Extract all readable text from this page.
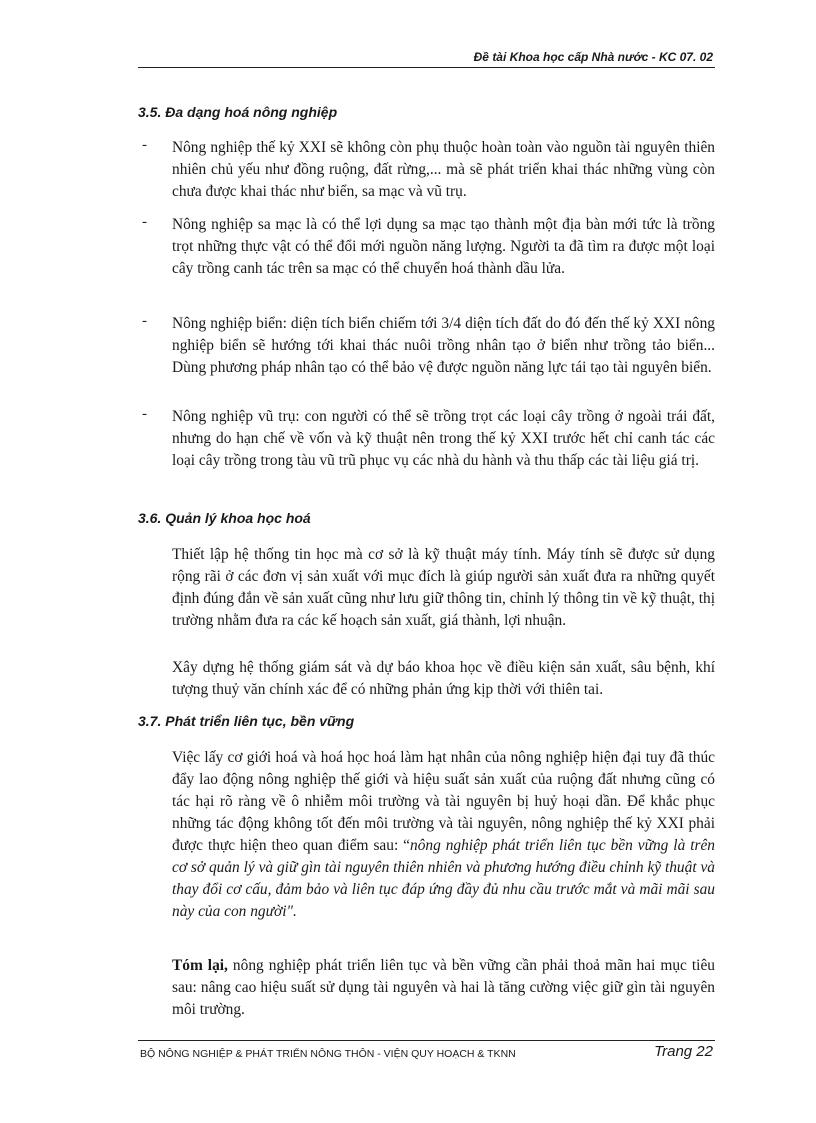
Đề tài Khoa học cấp Nhà nước - KC 07. 02
3.5. Đa dạng hoá nông nghiệp
- Nông nghiệp thế kỷ XXI sẽ không còn phụ thuộc hoàn toàn vào nguồn tài nguyên thiên nhiên chủ yếu như đồng ruộng, đất rừng,... mà sẽ phát triển khai thác những vùng còn chưa được khai thác như biển, sa mạc và vũ trụ.
- Nông nghiệp sa mạc là có thể lợi dụng sa mạc tạo thành một địa bàn mới tức là trồng trọt những thực vật có thể đổi mới nguồn năng lượng. Người ta đã tìm ra được một loại cây trồng canh tác trên sa mạc có thể chuyển hoá thành dầu lửa.
- Nông nghiệp biển: diện tích biển chiếm tới 3/4 diện tích đất do đó đến thế kỷ XXI nông nghiệp biển sẽ hướng tới khai thác nuôi trồng nhân tạo ở biển như trồng tảo biển... Dùng phương pháp nhân tạo có thể bảo vệ được nguồn năng lực tái tạo tài nguyên biển.
- Nông nghiệp vũ trụ: con người có thể sẽ trồng trọt các loại cây trồng ở ngoài trái đất, nhưng do hạn chế về vốn và kỹ thuật nên trong thế kỷ XXI trước hết chỉ canh tác các loại cây trồng trong tàu vũ trũ phục vụ các nhà du hành và thu thấp các tài liệu giá trị.
3.6. Quản lý khoa học hoá

Thiết lập hệ thống tin học mà cơ sở là kỹ thuật máy tính. Máy tính sẽ được sử dụng rộng rãi ở các đơn vị sản xuất với mục đích là giúp người sản xuất đưa ra những quyết định đúng đắn về sản xuất cũng như lưu giữ thông tin, chỉnh lý thông tin về kỹ thuật, thị trường nhằm đưa ra các kế hoạch sản xuất, giá thành, lợi nhuận.

Xây dựng hệ thống giám sát và dự báo khoa học về điều kiện sản xuất, sâu bệnh, khí tượng thuỷ văn chính xác để có những phản ứng kịp thời với thiên tai.

3.7. Phát triển liên tục, bền vững

Việc lấy cơ giới hoá và hoá học hoá làm hạt nhân của nông nghiệp hiện đại tuy đã thúc đẩy lao động nông nghiệp thế giới và hiệu suất sản xuất của ruộng đất nhưng cũng có tác hại rõ ràng về ô nhiễm môi trường và tài nguyên bị huỷ hoại dần. Để khắc phục những tác động không tốt đến môi trường và tài nguyên, nông nghiệp thế kỷ XXI phải được thực hiện theo quan điểm sau: “nông nghiệp phát triển liên tục bền vững là trên cơ sở quản lý và giữ gìn tài nguyên thiên nhiên và phương hướng điều chỉnh kỹ thuật và thay đổi cơ cấu, đảm bảo và liên tục đáp ứng đầy đủ nhu cầu trước mắt và mãi mãi sau này của con người".

Tóm lại, nông nghiệp phát triển liên tục và bền vững cần phải thoả mãn hai mục tiêu sau: nâng cao hiệu suất sử dụng tài nguyên và hai là tăng cường việc giữ gìn tài nguyên môi trường.

BỘ NÔNG NGHIỆP & PHÁT TRIỂN NÔNG THÔN - VIỆN QUY HOẠCH & TKNN	Trang 22
